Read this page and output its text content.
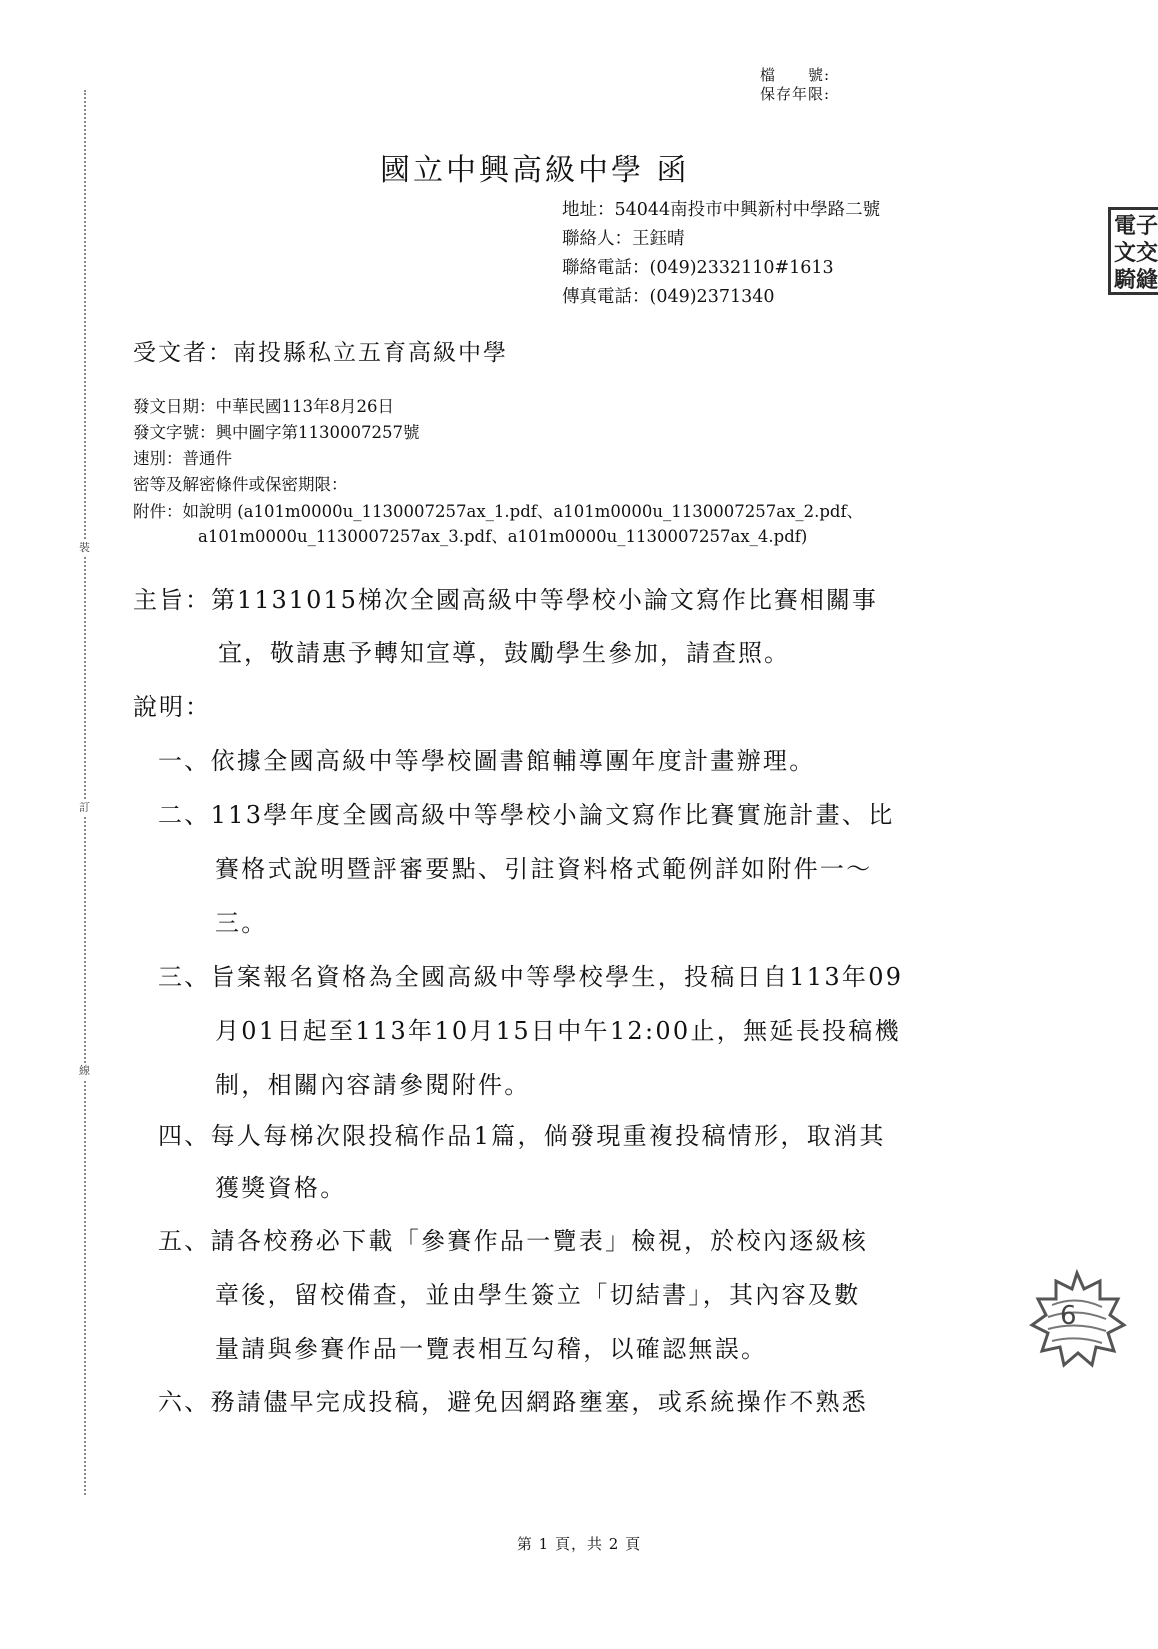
裝
訂
線
檔　　號:
保存年限:
國立中興高級中學 函
地址：54044南投市中興新村中學路二號
聯絡人：王鈺晴
聯絡電話：(049)2332110#1613
傳真電話：(049)2371340
受文者：南投縣私立五育高級中學
發文日期：中華民國113年8月26日
發文字號：興中圖字第1130007257號
速別：普通件
密等及解密條件或保密期限：
附件：如說明 (a101m0000u_1130007257ax_1.pdf、a101m0000u_1130007257ax_2.pdf、
a101m0000u_1130007257ax_3.pdf、a101m0000u_1130007257ax_4.pdf)
主旨：第1131015梯次全國高級中等學校小論文寫作比賽相關事
宜，敬請惠予轉知宣導，鼓勵學生參加，請查照。
說明：
一、依據全國高級中等學校圖書館輔導團年度計畫辦理。
二、113學年度全國高級中等學校小論文寫作比賽實施計畫、比
賽格式說明暨評審要點、引註資料格式範例詳如附件一～
三。
三、旨案報名資格為全國高級中等學校學生，投稿日自113年09
月01日起至113年10月15日中午12:00止，無延長投稿機
制，相關內容請參閱附件。
四、每人每梯次限投稿作品1篇，倘發現重複投稿情形，取消其
獲獎資格。
五、請各校務必下載「參賽作品一覽表」檢視，於校內逐級核
章後，留校備查，並由學生簽立「切結書」，其內容及數
量請與參賽作品一覽表相互勾稽，以確認無誤。
六、務請儘早完成投稿，避免因網路壅塞，或系統操作不熟悉
電子
文交
騎縫
6
第 1 頁，共 2 頁
